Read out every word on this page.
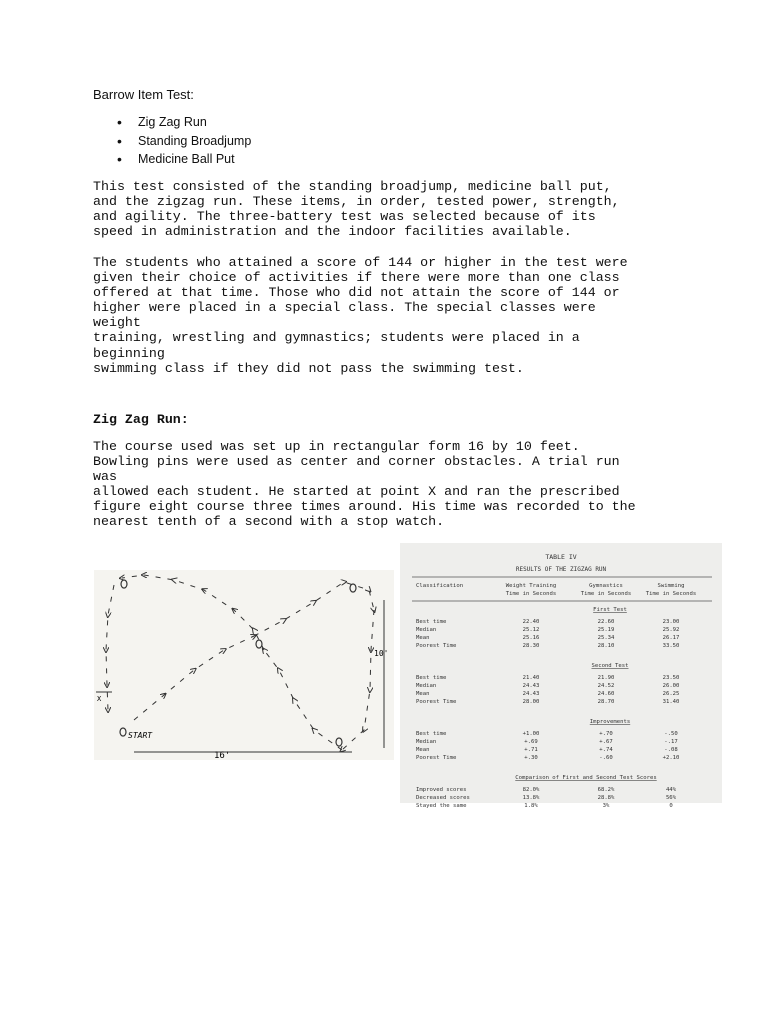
Barrow Item Test:
• Zig Zag Run
• Standing Broadjump
• Medicine Ball Put
This test consisted of the standing broadjump, medicine ball put,
and the zigzag run. These items, in order, tested power, strength,
and agility. The three-battery test was selected because of its
speed in administration and the indoor facilities available.
The students who attained a score of 144 or higher in the test were
given their choice of activities if there were more than one class
offered at that time. Those who did not attain the score of 144 or
higher were placed in a special class. The special classes were
weight
training, wrestling and gymnastics; students were placed in a
beginning
swimming class if they did not pass the swimming test.
Zig Zag Run:
The course used was set up in rectangular form 16 by 10 feet.
Bowling pins were used as center and corner obstacles. A trial run
was
allowed each student. He started at point X and ran the prescribed
figure eight course three times around. His time was recorded to the
nearest tenth of a second with a stop watch.
16'
10'
START
X
TABLE IV
RESULTS OF THE ZIGZAG RUN
Classification	Weight Training
Time in Seconds
Gymnastics
Time in Seconds
Swimming
Time in Seconds
First Test
Best time	22.40	22.60	23.00
Median	25.12	25.19	25.92
Mean	25.16	25.34	26.17
Poorest Time	28.30	28.10	33.50
Second Test
Best time	21.40	21.90	23.50
Median	24.43	24.52	26.00
Mean	24.43	24.60	26.25
Poorest Time	28.00	28.70	31.40
Improvements
Best time	+1.00	+.70	-.50
Median	+.69	+.67	-.17
Mean	+.71	+.74	-.08
Poorest Time	+.30	-.60	+2.10
Comparison of First and Second Test Scores
Improved scores	82.0%	68.2%	44%
Decreased scores	13.8%	28.8%	56%
Stayed the same	1.8%	3%	0
